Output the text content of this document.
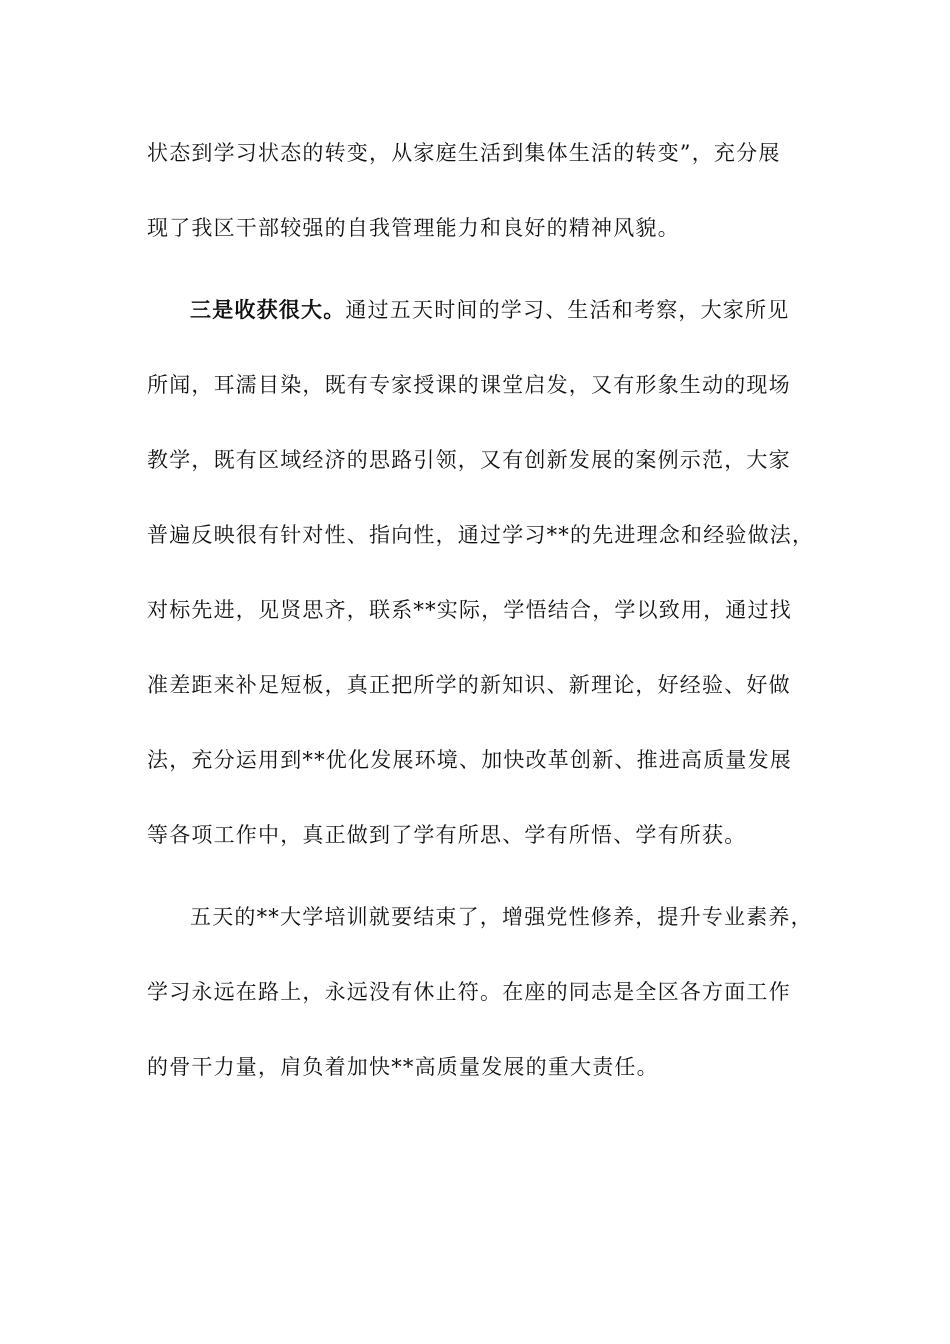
状态到学习状态的转变，从家庭生活到集体生活的转变”，充分展
现了我区干部较强的自我管理能力和良好的精神风貌。
三是收获很大。通过五天时间的学习、生活和考察，大家所见
所闻，耳濡目染，既有专家授课的课堂启发，又有形象生动的现场
教学，既有区域经济的思路引领，又有创新发展的案例示范，大家
普遍反映很有针对性、指向性，通过学习**的先进理念和经验做法，
对标先进，见贤思齐，联系**实际，学悟结合，学以致用，通过找
准差距来补足短板，真正把所学的新知识、新理论，好经验、好做
法，充分运用到**优化发展环境、加快改革创新、推进高质量发展
等各项工作中，真正做到了学有所思、学有所悟、学有所获。
五天的**大学培训就要结束了，增强党性修养，提升专业素养，
学习永远在路上，永远没有休止符。在座的同志是全区各方面工作
的骨干力量，肩负着加快**高质量发展的重大责任。
